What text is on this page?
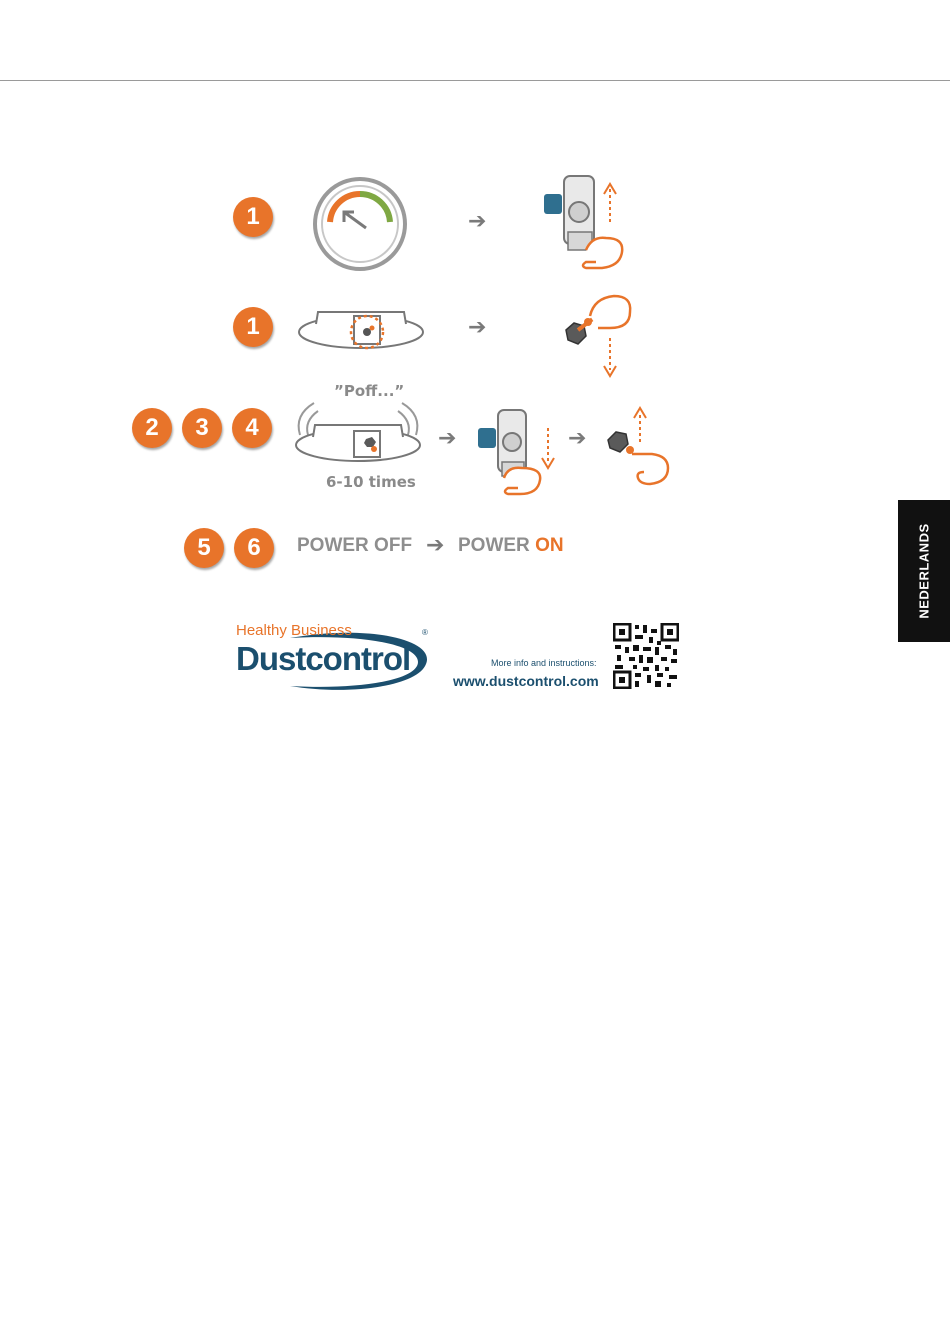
1	➔
1	➔
2	3	4
”Poff...”
6-10 times
➔	➔
5	6	POWER OFF ➔ POWER ON	NEDERLANDS
Healthy Business
Dustcontrol
®
More info and instructions:
www.dustcontrol.com
